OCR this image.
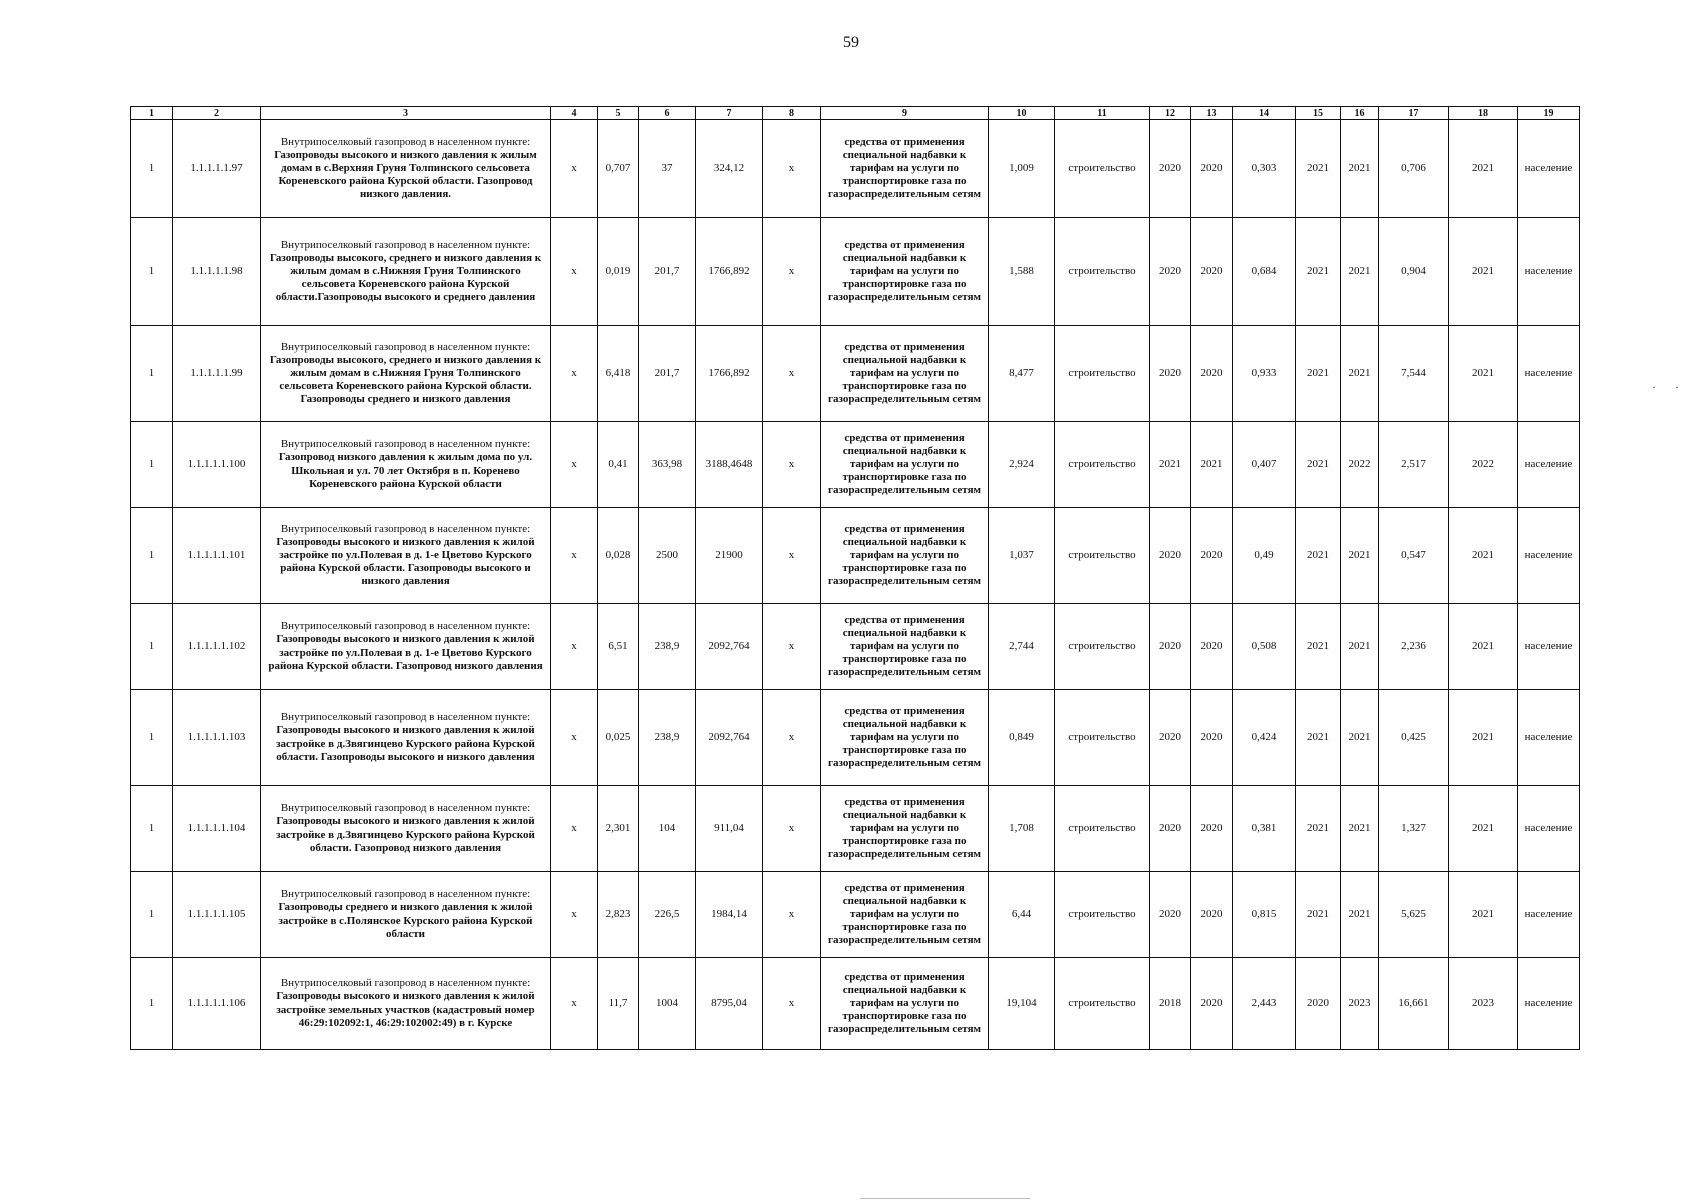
59
1	2	3	4	5	6	7	8	9	10	11	12	13	14	15	16	17	18	19
1	1.1.1.1.1.97	Внутрипоселковый газопровод в населенном пункте: Газопроводы высокого и низкого давления к жилым домам в с.Верхняя Груня Толпинского сельсовета Кореневского района Курской области. Газопровод низкого давления.	x	0,707	37	324,12	x	средства от применения специальной надбавки к тарифам на услуги по транспортировке газа по газораспределительным сетям	1,009	строительство	2020	2020	0,303	2021	2021	0,706	2021	население
1	1.1.1.1.1.98	Внутрипоселковый газопровод в населенном пункте: Газопроводы высокого, среднего и низкого давления к жилым домам в с.Нижняя Груня Толпинского сельсовета Кореневского района Курской области.Газопроводы высокого и среднего давления	x	0,019	201,7	1766,892	x	средства от применения специальной надбавки к тарифам на услуги по транспортировке газа по газораспределительным сетям	1,588	строительство	2020	2020	0,684	2021	2021	0,904	2021	население
1	1.1.1.1.1.99	Внутрипоселковый газопровод в населенном пункте: Газопроводы высокого, среднего и низкого давления к жилым домам в с.Нижняя Груня Толпинского сельсовета Кореневского района Курской области. Газопроводы среднего и низкого давления	x	6,418	201,7	1766,892	x	средства от применения специальной надбавки к тарифам на услуги по транспортировке газа по газораспределительным сетям	8,477	строительство	2020	2020	0,933	2021	2021	7,544	2021	население
1	1.1.1.1.1.100	Внутрипоселковый газопровод в населенном пункте: Газопровод низкого давления к жилым дома по ул. Школьная и ул. 70 лет Октября в п. Коренево Кореневского района Курской области	x	0,41	363,98	3188,4648	x	средства от применения специальной надбавки к тарифам на услуги по транспортировке газа по газораспределительным сетям	2,924	строительство	2021	2021	0,407	2021	2022	2,517	2022	население
1	1.1.1.1.1.101	Внутрипоселковый газопровод в населенном пункте: Газопроводы высокого и низкого давления к жилой застройке по ул.Полевая в д. 1-е Цветово Курского района Курской области. Газопроводы высокого и низкого давления	x	0,028	2500	21900	x	средства от применения специальной надбавки к тарифам на услуги по транспортировке газа по газораспределительным сетям	1,037	строительство	2020	2020	0,49	2021	2021	0,547	2021	население
1	1.1.1.1.1.102	Внутрипоселковый газопровод в населенном пункте: Газопроводы высокого и низкого давления к жилой застройке по ул.Полевая в д. 1-е Цветово Курского района Курской области. Газопровод низкого давления	x	6,51	238,9	2092,764	x	средства от применения специальной надбавки к тарифам на услуги по транспортировке газа по газораспределительным сетям	2,744	строительство	2020	2020	0,508	2021	2021	2,236	2021	население
1	1.1.1.1.1.103	Внутрипоселковый газопровод в населенном пункте: Газопроводы высокого и низкого давления к жилой застройке в д.Звягинцево Курского района Курской области. Газопроводы высокого и низкого давления	x	0,025	238,9	2092,764	x	средства от применения специальной надбавки к тарифам на услуги по транспортировке газа по газораспределительным сетям	0,849	строительство	2020	2020	0,424	2021	2021	0,425	2021	население
1	1.1.1.1.1.104	Внутрипоселковый газопровод в населенном пункте: Газопроводы высокого и низкого давления к жилой застройке в д.Звягинцево Курского района Курской области. Газопровод низкого давления	x	2,301	104	911,04	x	средства от применения специальной надбавки к тарифам на услуги по транспортировке газа по газораспределительным сетям	1,708	строительство	2020	2020	0,381	2021	2021	1,327	2021	население
1	1.1.1.1.1.105	Внутрипоселковый газопровод в населенном пункте: Газопроводы среднего и низкого давления к жилой застройке в с.Полянское Курского района Курской области	x	2,823	226,5	1984,14	x	средства от применения специальной надбавки к тарифам на услуги по транспортировке газа по газораспределительным сетям	6,44	строительство	2020	2020	0,815	2021	2021	5,625	2021	население
1	1.1.1.1.1.106	Внутрипоселковый газопровод в населенном пункте: Газопроводы высокого и низкого давления к жилой застройке земельных участков (кадастровый номер 46:29:102092:1, 46:29:102002:49) в г. Курске	x	11,7	1004	8795,04	x	средства от применения специальной надбавки к тарифам на услуги по транспортировке газа по газораспределительным сетям	19,104	строительство	2018	2020	2,443	2020	2023	16,661	2023	население
· ·
